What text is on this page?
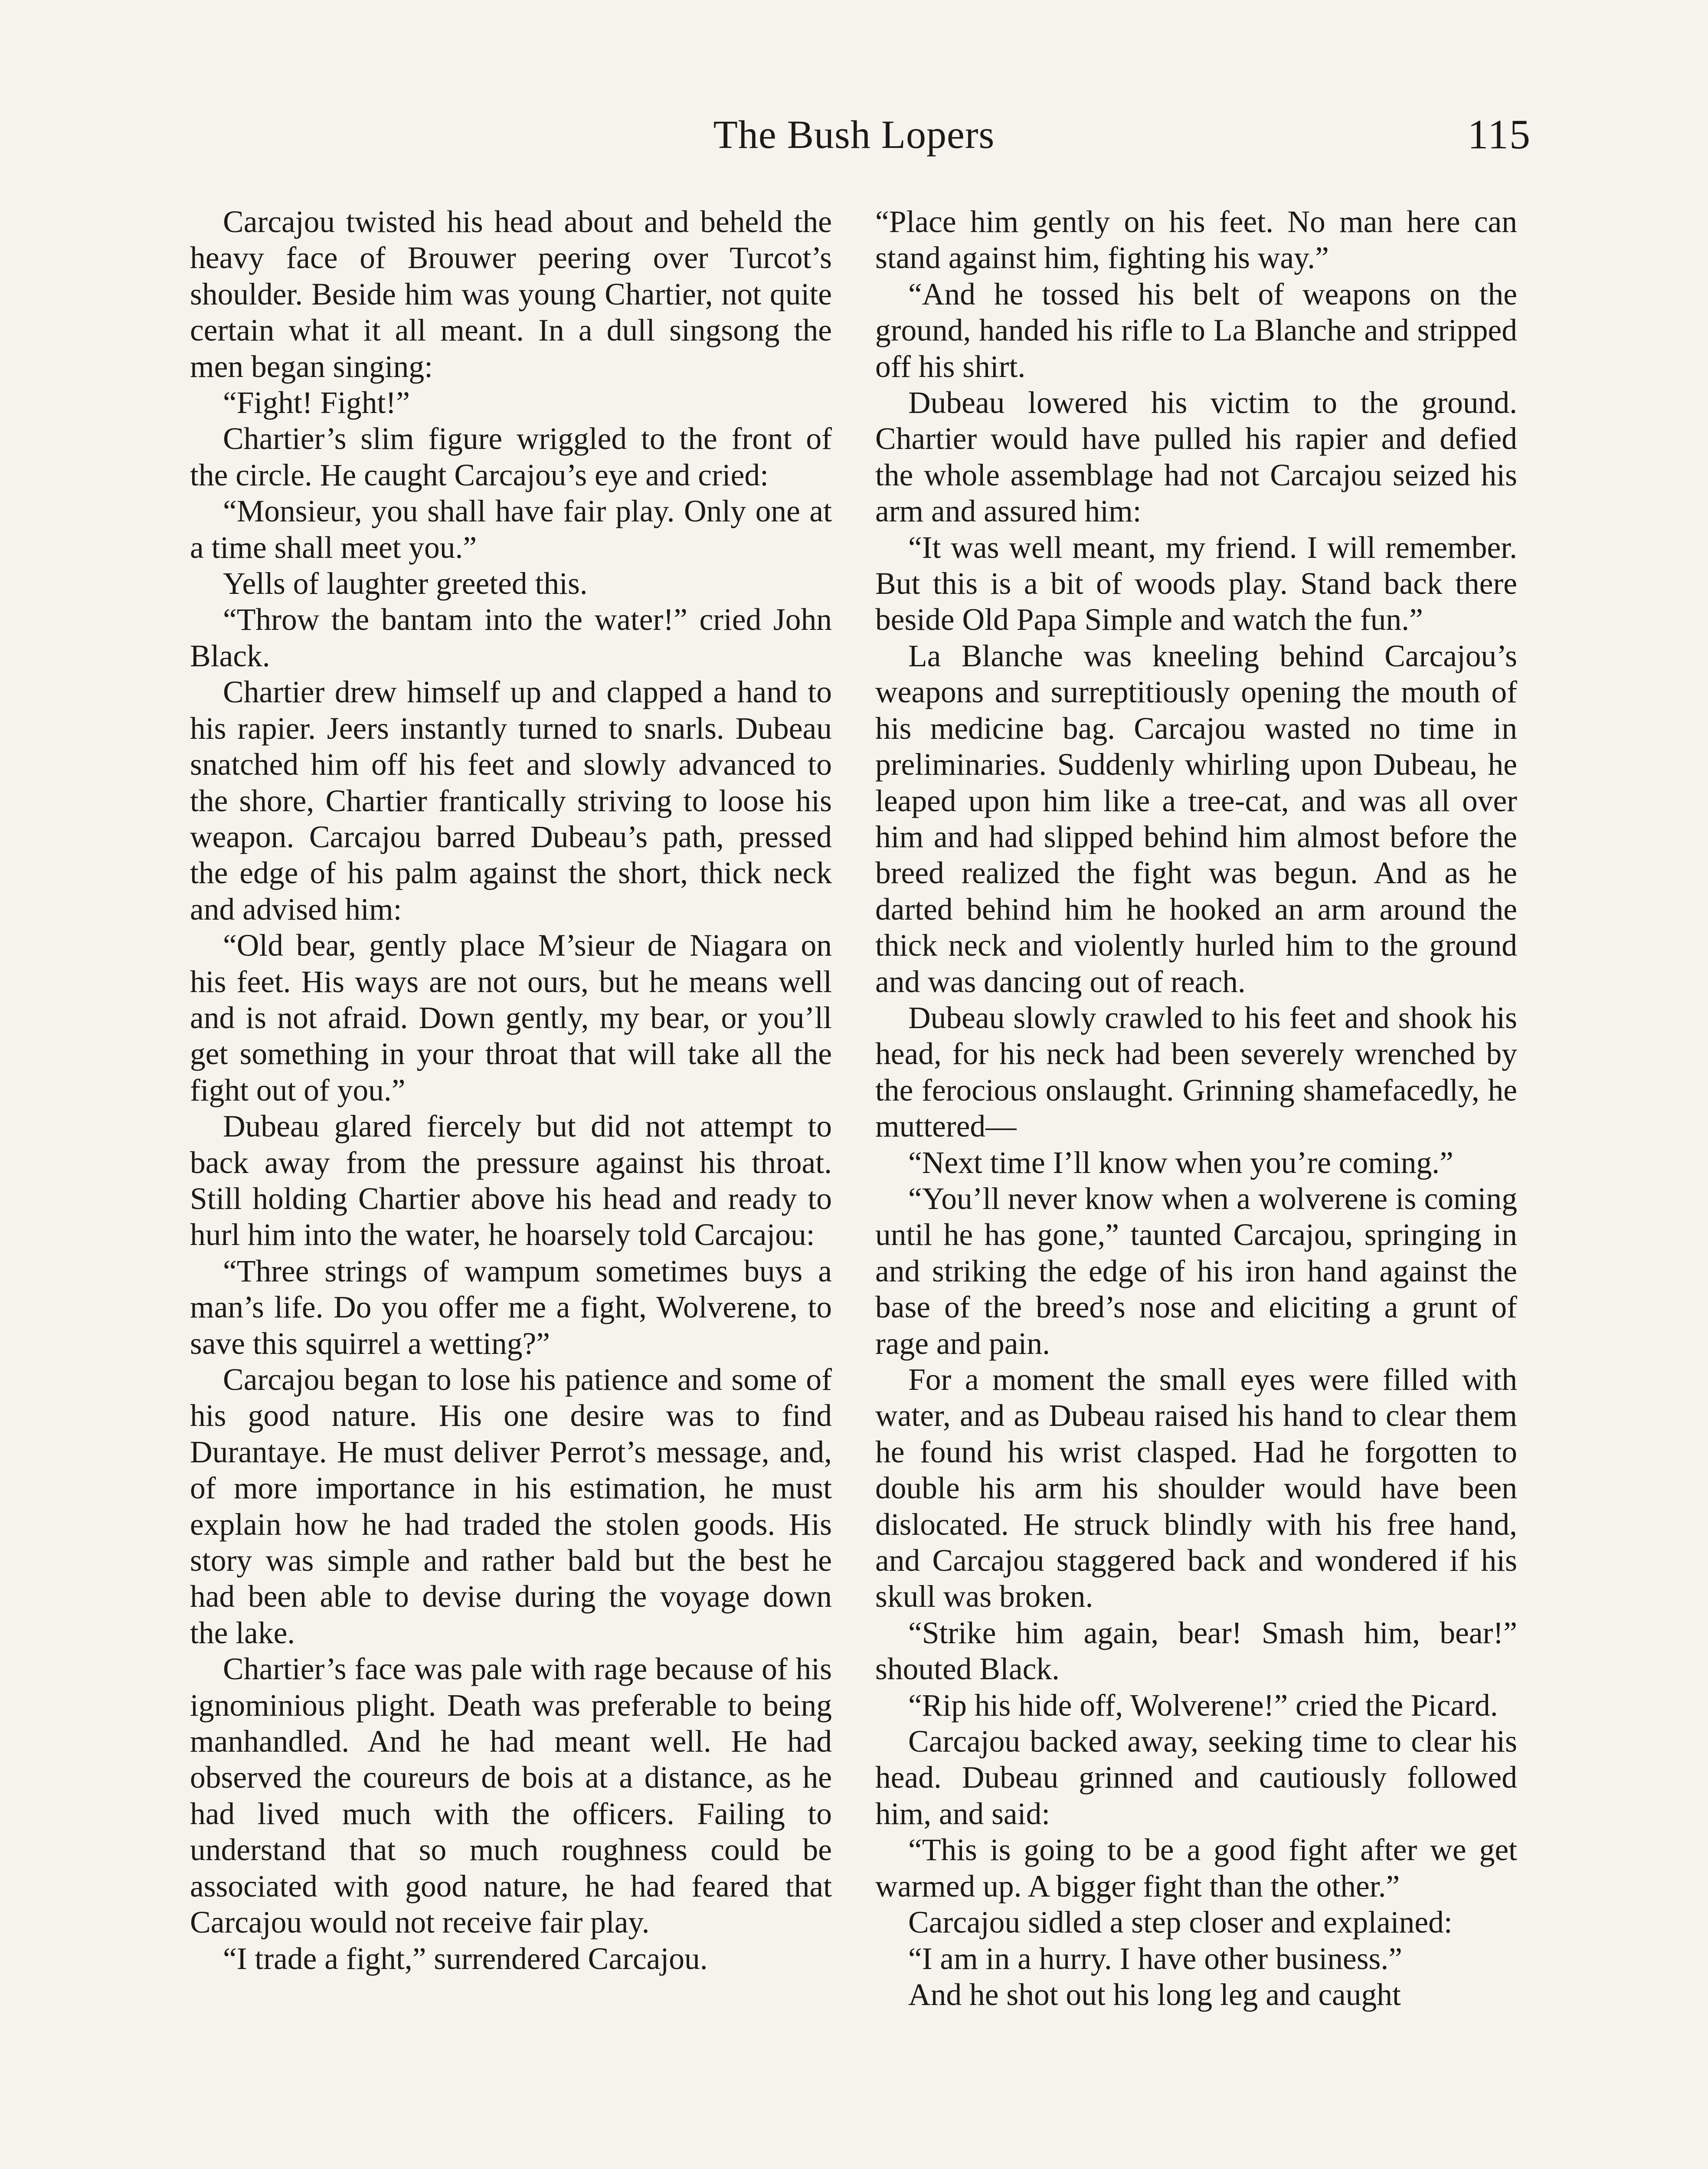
The Bush Lopers	115

Carcajou twisted his head about and beheld the heavy face of Brouwer peering over Turcot’s shoulder. Beside him was young Chartier, not quite certain what it all meant. In a dull singsong the men began singing:

“Fight! Fight!”

Chartier’s slim figure wriggled to the front of the circle. He caught Carcajou’s eye and cried:

“Monsieur, you shall have fair play. Only one at a time shall meet you.”

Yells of laughter greeted this.

“Throw the bantam into the water!” cried John Black.

Chartier drew himself up and clapped a hand to his rapier. Jeers instantly turned to snarls. Dubeau snatched him off his feet and slowly advanced to the shore, Chartier frantically striving to loose his weapon. Carcajou barred Dubeau’s path, pressed the edge of his palm against the short, thick neck and advised him:

“Old bear, gently place M’sieur de Niagara on his feet. His ways are not ours, but he means well and is not afraid. Down gently, my bear, or you’ll get something in your throat that will take all the fight out of you.”

Dubeau glared fiercely but did not attempt to back away from the pressure against his throat. Still holding Chartier above his head and ready to hurl him into the water, he hoarsely told Carcajou:

“Three strings of wampum sometimes buys a man’s life. Do you offer me a fight, Wolverene, to save this squirrel a wetting?”

Carcajou began to lose his patience and some of his good nature. His one desire was to find Durantaye. He must deliver Perrot’s message, and, of more importance in his estimation, he must explain how he had traded the stolen goods. His story was simple and rather bald but the best he had been able to devise during the voyage down the lake.

Chartier’s face was pale with rage because of his ignominious plight. Death was preferable to being manhandled. And he had meant well. He had observed the coureurs de bois at a distance, as he had lived much with the officers. Failing to understand that so much roughness could be associated with good nature, he had feared that Carcajou would not receive fair play.

“I trade a fight,” surrendered Carcajou.

“Place him gently on his feet. No man here can stand against him, fighting his way.”

“And he tossed his belt of weapons on the ground, handed his rifle to La Blanche and stripped off his shirt.

Dubeau lowered his victim to the ground. Chartier would have pulled his rapier and defied the whole assemblage had not Carcajou seized his arm and assured him:

“It was well meant, my friend. I will remember. But this is a bit of woods play. Stand back there beside Old Papa Simple and watch the fun.”

La Blanche was kneeling behind Carcajou’s weapons and surreptitiously opening the mouth of his medicine bag. Carcajou wasted no time in preliminaries. Suddenly whirling upon Dubeau, he leaped upon him like a tree-cat, and was all over him and had slipped behind him almost before the breed realized the fight was begun. And as he darted behind him he hooked an arm around the thick neck and violently hurled him to the ground and was dancing out of reach.

Dubeau slowly crawled to his feet and shook his head, for his neck had been severely wrenched by the ferocious onslaught. Grinning shamefacedly, he muttered—

“Next time I’ll know when you’re coming.”

“You’ll never know when a wolverene is coming until he has gone,” taunted Carcajou, springing in and striking the edge of his iron hand against the base of the breed’s nose and eliciting a grunt of rage and pain.

For a moment the small eyes were filled with water, and as Dubeau raised his hand to clear them he found his wrist clasped. Had he forgotten to double his arm his shoulder would have been dislocated. He struck blindly with his free hand, and Carcajou staggered back and wondered if his skull was broken.

“Strike him again, bear! Smash him, bear!” shouted Black.

“Rip his hide off, Wolverene!” cried the Picard.

Carcajou backed away, seeking time to clear his head. Dubeau grinned and cautiously followed him, and said:

“This is going to be a good fight after we get warmed up. A bigger fight than the other.”

Carcajou sidled a step closer and explained:

“I am in a hurry. I have other business.”

And he shot out his long leg and caught
